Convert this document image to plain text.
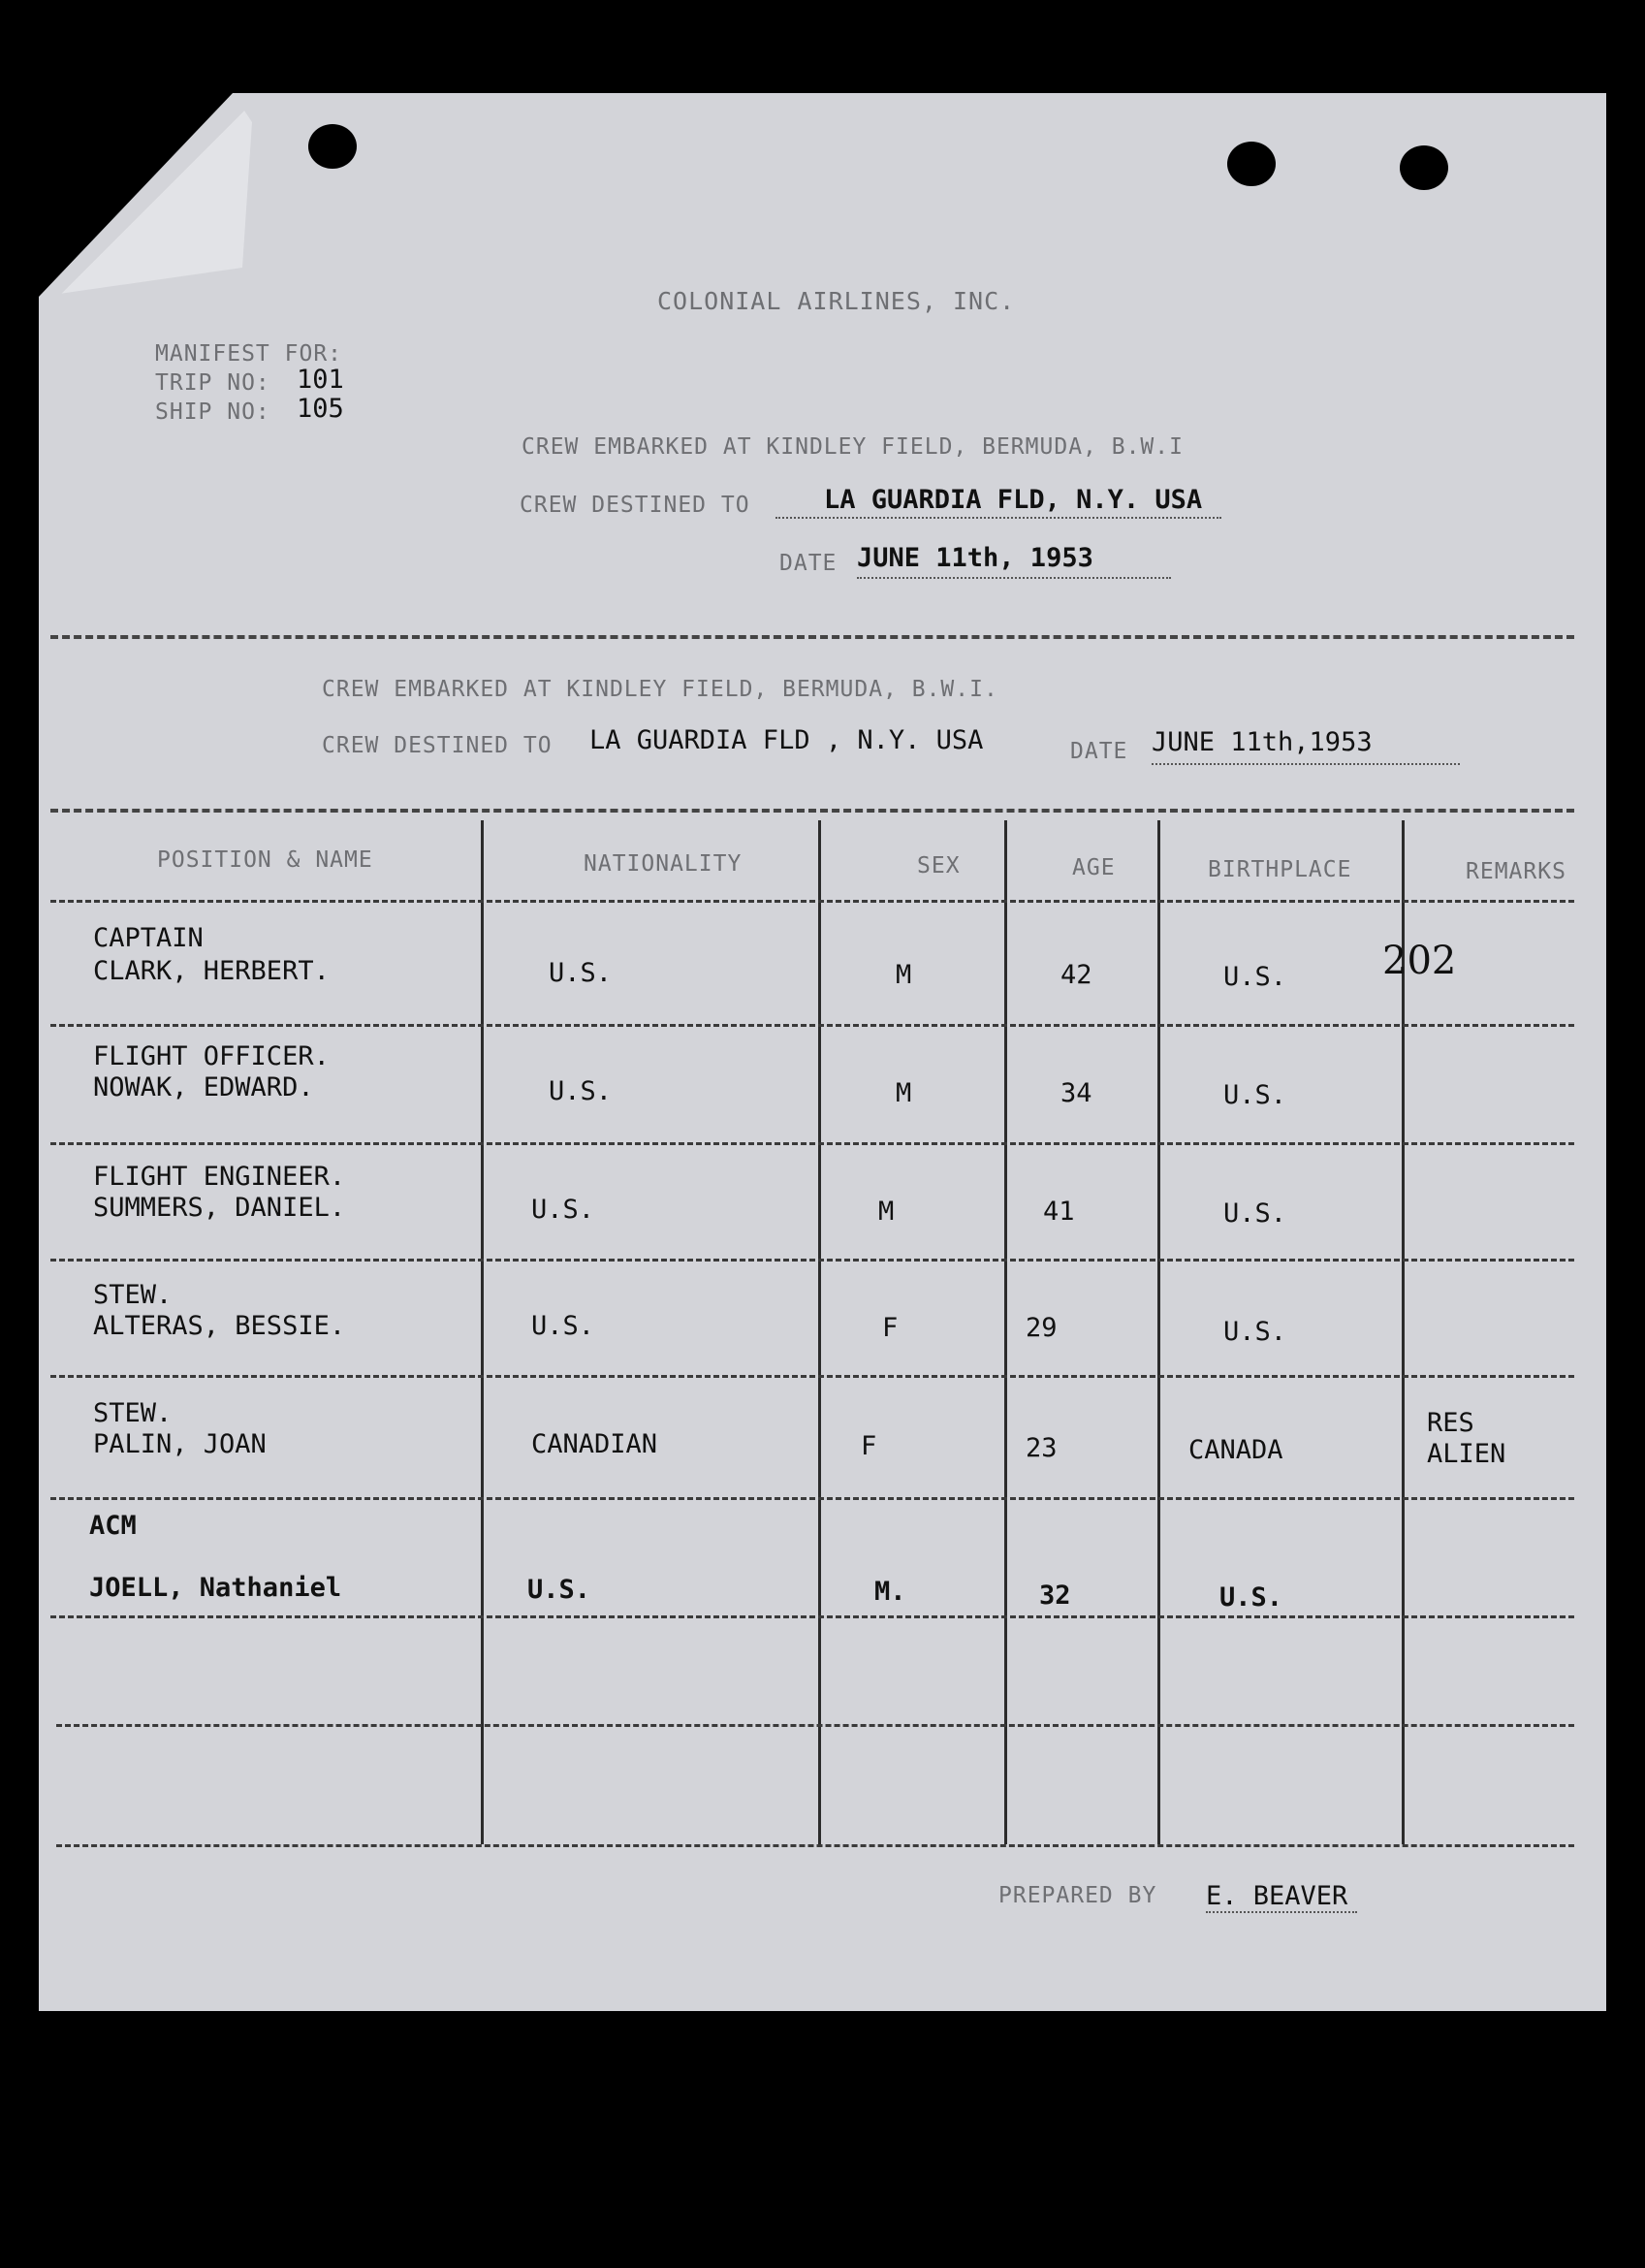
COLONIAL AIRLINES, INC.
MANIFEST FOR:
TRIP NO: 101
SHIP NO: 105
CREW EMBARKED AT KINDLEY FIELD, BERMUDA, B.W.I
CREW DESTINED TO	LA GUARDIA FLD, N.Y. USA
DATE JUNE 11th, 1953
CREW EMBARKED AT KINDLEY FIELD, BERMUDA, B.W.I.
CREW DESTINED TO LA GUARDIA FLD , N.Y. USA	DATE JUNE 11th,1953
POSITION & NAME	NATIONALITY	SEX	AGE	BIRTHPLACE	REMARKS
CAPTAIN
CLARK, HERBERT.	U.S.	M	42	U.S. 202
FLIGHT OFFICER.
NOWAK, EDWARD.	U.S.	M	34	U.S.
FLIGHT ENGINEER.
SUMMERS, DANIEL.	U.S.	M	41	U.S.
STEW.
ALTERAS, BESSIE.	U.S.	F	29	U.S.
STEW.
PALIN, JOAN	CANADIAN	F	23	CANADA
RES ALIEN
ACM
JOELL, Nathaniel	U.S.	M.	32	U.S.
PREPARED BY E. BEAVER
